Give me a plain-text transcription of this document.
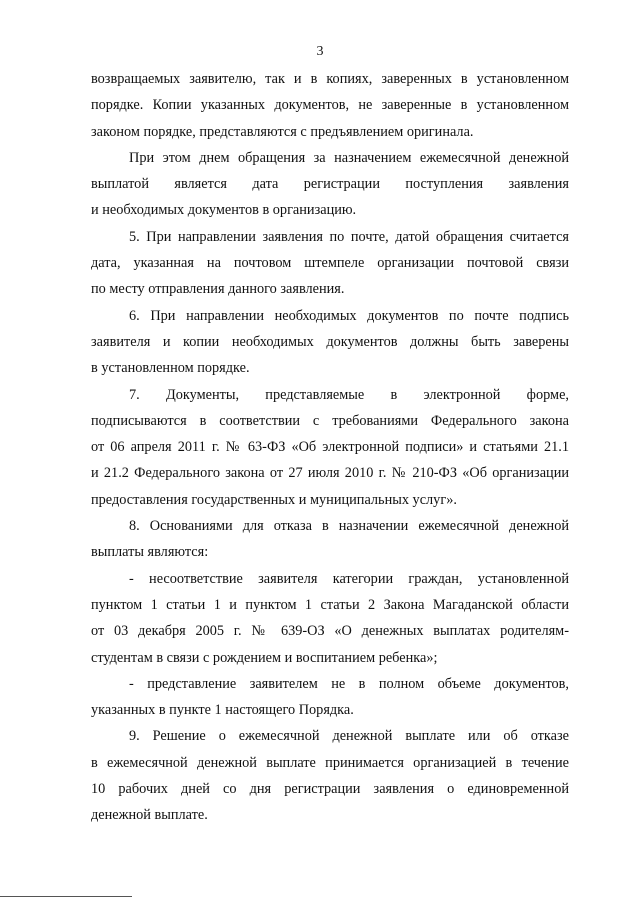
3

возвращаемых заявителю, так и в копиях, заверенных в установленном
порядке. Копии указанных документов, не заверенные в установленном
законом порядке, представляются с предъявлением оригинала.

При этом днем обращения за назначением ежемесячной денежной
выплатой является дата регистрации поступления заявления
и необходимых документов в организацию.

5. При направлении заявления по почте, датой обращения считается
дата, указанная на почтовом штемпеле организации почтовой связи
по месту отправления данного заявления.

6. При направлении необходимых документов по почте подпись
заявителя и копии необходимых документов должны быть заверены
в установленном порядке.

7. Документы, представляемые в электронной форме,
подписываются в соответствии с требованиями Федерального закона
от 06 апреля 2011 г. № 63-ФЗ «Об электронной подписи» и статьями 21.1
и 21.2 Федерального закона от 27 июля 2010 г. № 210-ФЗ «Об организации
предоставления государственных и муниципальных услуг».

8. Основаниями для отказа в назначении ежемесячной денежной
выплаты являются:

- несоответствие заявителя категории граждан, установленной
пунктом 1 статьи 1 и пунктом 1 статьи 2 Закона Магаданской области
от 03 декабря 2005 г. № 639-ОЗ «О денежных выплатах родителям-
студентам в связи с рождением и воспитанием ребенка»;

- представление заявителем не в полном объеме документов,
указанных в пункте 1 настоящего Порядка.

9. Решение о ежемесячной денежной выплате или об отказе
в ежемесячной денежной выплате принимается организацией в течение
10 рабочих дней со дня регистрации заявления о единовременной
денежной выплате.
